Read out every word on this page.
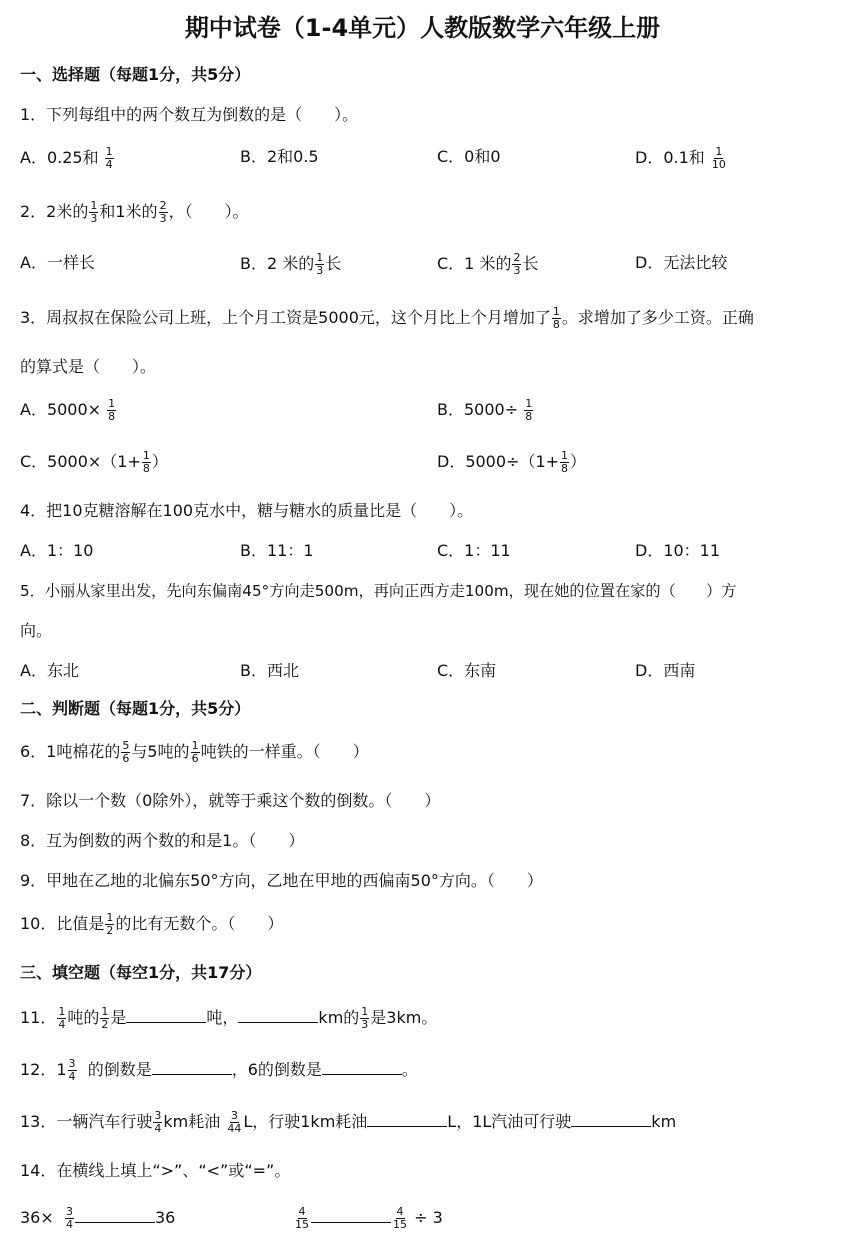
期中试卷（1-4单元）人教版数学六年级上册
一、选择题（每题1分，共5分）
1．下列每组中的两个数互为倒数的是（　　）。
A．0.25和 $\frac{1}{4}$	B．2和0.5	C．0和0	D．0.1和 $\frac{1}{10}$
2．2米的 $\frac{1}{3}$ 和1米的 $\frac{2}{3}$ ，（　　）。
A．一样长	B．2 米的 $\frac{1}{3}$ 长	C．1 米的 $\frac{2}{3}$ 长	D．无法比较
3．周叔叔在保险公司上班，上个月工资是5000元，这个月比上个月增加了 $\frac{1}{8}$ 。求增加了多少工资。正确
的算式是（　　）。
A．$5000\times \frac{1}{8}$	B．$5000\div \frac{1}{8}$
C．$5000\times(1+ \frac{1}{8}$ ）	D．$5000\div(1+ \frac{1}{8}$ ）
4．把10克糖溶解在100克水中，糖与糖水的质量比是（　　）。
A．1：10	B．11：1	C．1：11	D．10：11
5．小丽从家里出发，先向东偏南45°方向走500m，再向正西方走100m，现在她的位置在家的（　　）方
向。
A．东北	B．西北	C．东南	D．西南
二、判断题（每题1分，共5分）
6．1吨棉花的 $\frac{5}{6}$ 与5吨的 $\frac{1}{6}$ 吨铁的一样重。（　　）
7．除以一个数（0除外），就等于乘这个数的倒数。（　　）
8．互为倒数的两个数的和是1。（　　）
9．甲地在乙地的北偏东50°方向，乙地在甲地的西偏南50°方向。（　　）
10．比值是 $\frac{1}{2}$ 的比有无数个。（　　）
三、填空题（每空1分，共17分）
11． $\frac{1}{4}$ 吨的 $\frac{1}{2}$ 是	吨，	km的 $\frac{1}{3}$ 是3km。
12．$1 \frac{3}{4}$ 的倒数是	，6的倒数是	。
13．一辆汽车行驶 $\frac{3}{4}$ km耗油 $\frac{3}{44}$ L，行驶1km耗油	L，1L汽油可行驶	km
14．在横线上填上“>”、“<”或“=”。
$36\times \frac{3}{4}$	36	$\frac{4}{15}$	$\frac{4}{15} \div 3$
